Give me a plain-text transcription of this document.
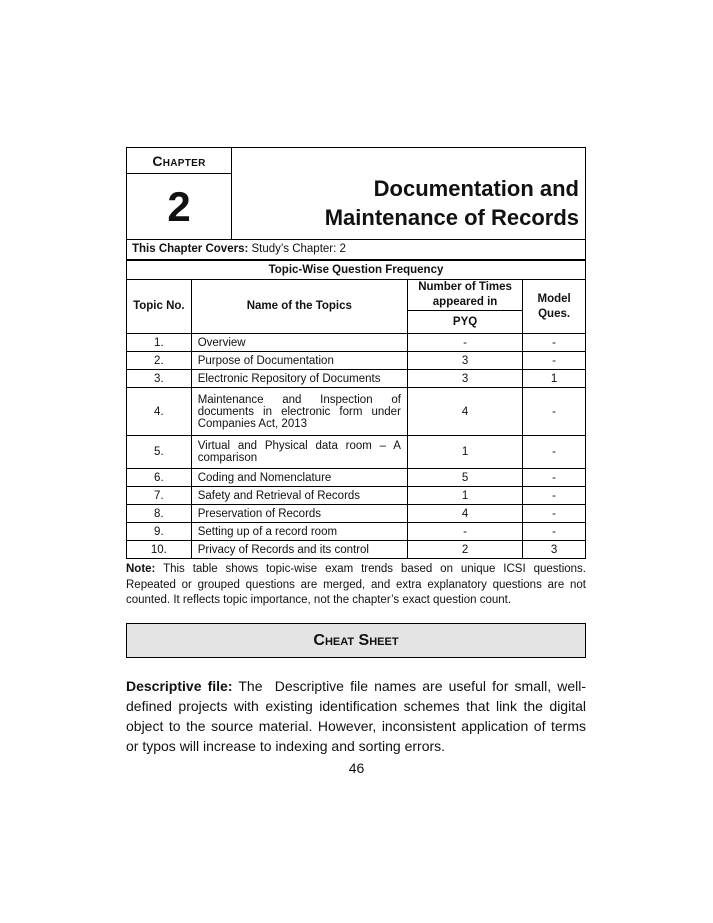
Chapter
2	Documentation and
Maintenance of Records
This Chapter Covers: Study’s Chapter: 2
Topic-Wise Question Frequency			
Topic No.	Name of the Topics	Number of Times appeared in	Model Ques.
		PYQ	
1.	Overview	-	-
2.	Purpose of Documentation	3	-
3.	Electronic Repository of Documents	3	1
4.	Maintenance and Inspection of documents in electronic form under Companies Act, 2013	4	-
5.	Virtual and Physical data room – A comparison	1	-
6.	Coding and Nomenclature	5	-
7.	Safety and Retrieval of Records	1	-
8.	Preservation of Records	4	-
9.	Setting up of a record room	-	-
10.	Privacy of Records and its control	2	3
Note: This table shows topic-wise exam trends based on unique ICSI questions. Repeated or grouped questions are merged, and extra explanatory questions are not counted. It reflects topic importance, not the chapter’s exact question count.
Cheat Sheet
Descriptive file: The  Descriptive file names are useful for small, well-defined projects with existing identification schemes that link the digital object to the source material. However, inconsistent application of terms or typos will increase to indexing and sorting errors.
46
